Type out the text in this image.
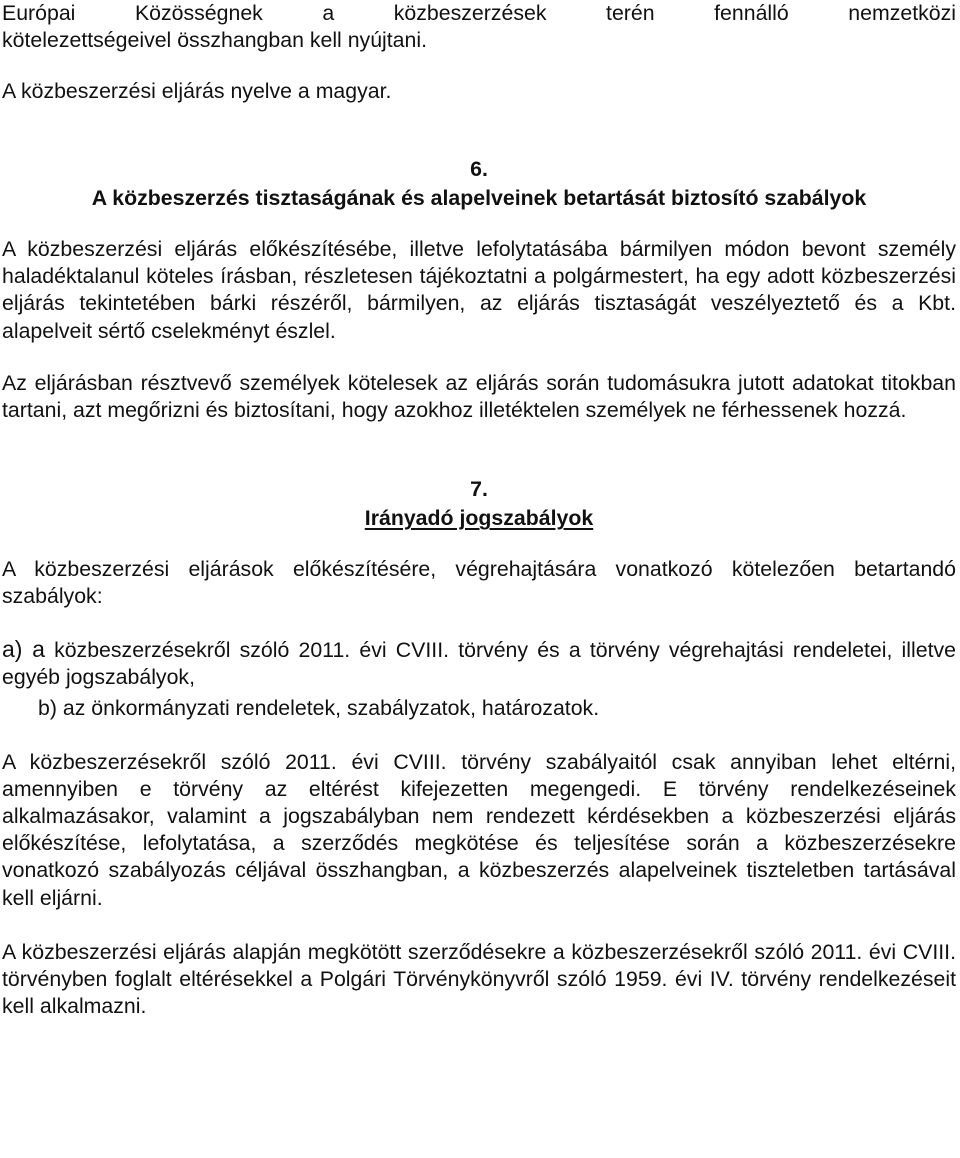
Európai Közösségnek a közbeszerzések terén fennálló nemzetközi

kötelezettségeivel összhangban kell nyújtani.

A közbeszerzési eljárás nyelve a magyar.

6.

A közbeszerzés tisztaságának és alapelveinek betartását biztosító szabályok

A közbeszerzési eljárás előkészítésébe, illetve lefolytatásába bármilyen módon bevont személy haladéktalanul köteles írásban, részletesen tájékoztatni a polgármestert, ha egy adott közbeszerzési eljárás tekintetében bárki részéről, bármilyen, az eljárás tisztaságát veszélyeztető és a Kbt. alapelveit sértő cselekményt észlel.

Az eljárásban résztvevő személyek kötelesek az eljárás során tudomásukra jutott adatokat titokban tartani, azt megőrizni és biztosítani, hogy azokhoz illetéktelen személyek ne férhessenek hozzá.

7.

Irányadó jogszabályok

A közbeszerzési eljárások előkészítésére, végrehajtására vonatkozó kötelezően betartandó szabályok:

a) a közbeszerzésekről szóló 2011. évi CVIII. törvény és a törvény végrehajtási rendeletei, illetve egyéb jogszabályok,

b) az önkormányzati rendeletek, szabályzatok, határozatok.

A közbeszerzésekről szóló 2011. évi CVIII. törvény szabályaitól csak annyiban lehet eltérni, amennyiben e törvény az eltérést kifejezetten megengedi. E törvény rendelkezéseinek alkalmazásakor, valamint a jogszabályban nem rendezett kérdésekben a közbeszerzési eljárás előkészítése, lefolytatása, a szerződés megkötése és teljesítése során a közbeszerzésekre vonatkozó szabályozás céljával összhangban, a közbeszerzés alapelveinek tiszteletben tartásával kell eljárni.

A közbeszerzési eljárás alapján megkötött szerződésekre a közbeszerzésekről szóló 2011. évi CVIII. törvényben foglalt eltérésekkel a Polgári Törvénykönyvről szóló 1959. évi IV. törvény rendelkezéseit kell alkalmazni.
